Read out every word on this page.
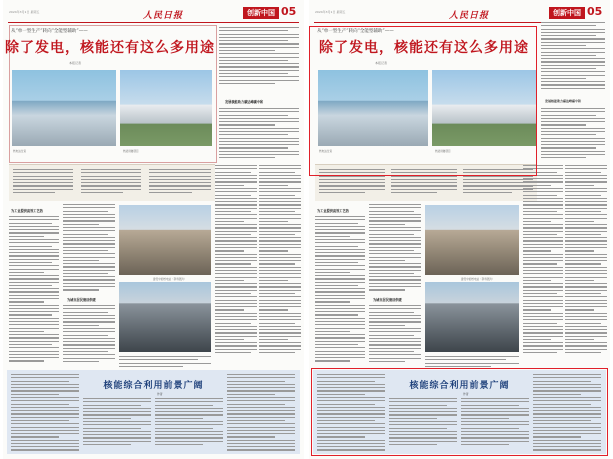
2024年3月1日 星期五	人民日报	创新中国 05
从“单一型生产”转向“全能型辅助”——
除了发电，核能还有这么多用途
本报记者
核电站全景	核能供暖项目
发展核能助力碳达峰碳中和
为工业提供高效工艺热
为城市居民清洁供暖
建设中的核电站（资料图片）
核能综合利用前景广阔
作者
2024年3月1日 星期五	人民日报	创新中国 05
从“单一型生产”转向“全能型辅助”——
除了发电，核能还有这么多用途
本报记者
核电站全景	核能供暖项目
发展核能助力碳达峰碳中和
为工业提供高效工艺热
为城市居民清洁供暖
建设中的核电站（资料图片）
核能综合利用前景广阔
作者
